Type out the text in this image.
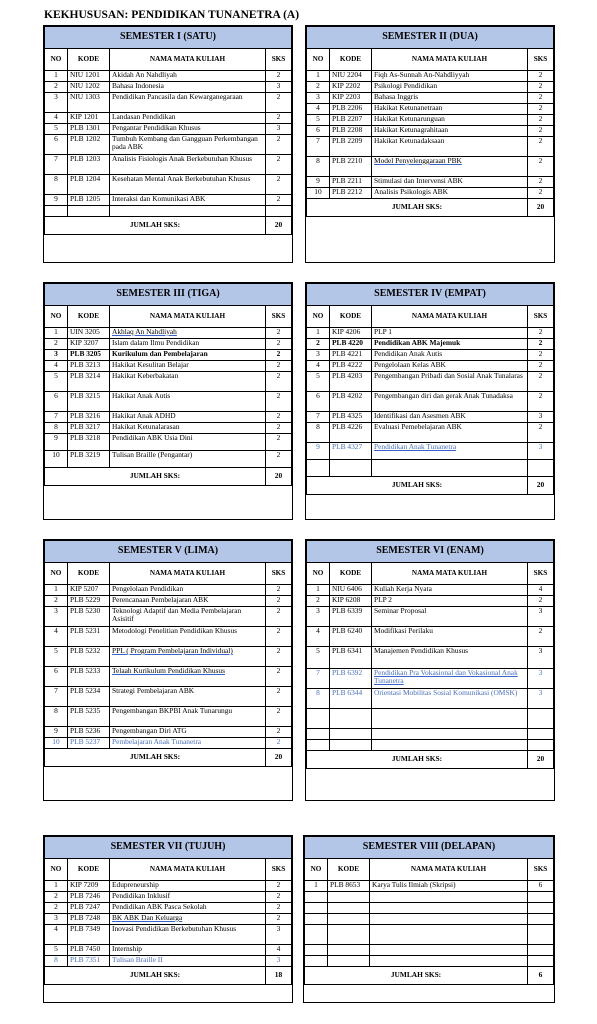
KEKHUSUSAN: PENDIDIKAN TUNANETRA (A)
SEMESTER I (SATU)			
NO	KODE	NAMA MATA KULIAH	SKS
1	NIU 1201	Akidah An Nahdliyah	2
2	NIU 1202	Bahasa Indonesia	3
3	NIU 1303	Pendidikan Pancasila dan Kewarganegaraan	2
4	KIP 1201	Landasan Pendidikan	2
5	PLB 1301	Pengantar Pendidikan Khusus	3
6	PLB 1202	Tumbuh Kembang dan Gangguan Perkembangan pada ABK	2
7	PLB 1203	Analisis Fisiologis Anak Berkebutuhan Khusus	2
8	PLB 1204	Kesehatan Mental Anak Berkebutuhan Khusus	2
9	PLB 1205	Interaksi dan Komunikasi ABK	2

JUMLAH SKS:			20
SEMESTER II (DUA)			
NO	KODE	NAMA MATA KULIAH	SKS
1	NIU 2204	Fiqh As-Sunnah An-Nahdliyyah	2
2	KIP 2202	Psikologi Pendidikan	2
3	KIP 2203	Bahasa Inggris	2
4	PLB 2206	Hakikat Ketunanetraan	2
5	PLB 2207	Hakikat Ketunarunguan	2
6	PLB 2208	Hakikat Ketunagrahitaan	2
7	PLB 2209	Hakikat Ketunadaksaan	2
8	PLB 2210	Model Penyelenggaraan PBK	2
9	PLB 2211	Stimulasi dan Intervensi ABK	2
10	PLB 2212	Analisis Psikologis ABK	2
JUMLAH SKS:			20
SEMESTER III (TIGA)			
NO	KODE	NAMA MATA KULIAH	SKS
1	UIN 3205	Akhlaq An Nahdliyah	2
2	KIP 3207	Islam dalam Ilmu Pendidikan	2
3	PLB 3205	Kurikulum dan Pembelajaran	2
4	PLB 3213	Hakikat Kesulitan Belajar	2
5	PLB 3214	Hakikat Keberbakatan	2
6	PLB 3215	Hakikat Anak Autis	2
7	PLB 3216	Hakikat Anak ADHD	2
8	PLB 3217	Hakikat Ketunalarasan	2
9	PLB 3218	Pendidikan ABK Usia Dini	2
10	PLB 3219	Tulisan Braille (Pengantar)	2
JUMLAH SKS:			20
SEMESTER IV (EMPAT)			
NO	KODE	NAMA MATA KULIAH	SKS
1	KIP 4206	PLP 1	2
2	PLB 4220	Pendidikan ABK Majemuk	2
3	PLB 4221	Pendidikan Anak Autis	2
4	PLB 4222	Pengelolaan Kelas ABK	2
5	PLB 4203	Pengembangan Pribadi dan Sosial Anak Tunalaras	2
6	PLB 4202	Pengembangan diri dan gerak Anak Tunadaksa	2
7	PLB 4325	Identifikasi dan Asesmen ABK	3
8	PLB 4226	Evaluasi Pemebelajaran ABK	2
9	PLB 4327	Pendidikan Anak Tunanetra	3

JUMLAH SKS:			20
SEMESTER V (LIMA)			
NO	KODE	NAMA MATA KULIAH	SKS
1	KIP 5207	Pengelolaan Pendidikan	2
2	PLB 5229	Perencanaan Pembelajaran ABK	2
3	PLB 5230	Teknologi Adaptif dan Media Pembelajaran Asisitif	2
4	PLB 5231	Metodologi Penelitian Pendidikan Khusus	2
5	PLB 5232	PPL ( Program Pembelajaran Individual)	2
6	PLB 5233	Telaah Kurikulum Pendidikan Khusus	2
7	PLB 5234	Strategi Pembelajaran ABK	2
8	PLB 5235	Pengembangan BKPBI Anak Tunarungu	2
9	PLB 5236	Pengembangan Diri ATG	2
10	PLB 5237	Pembelajaran Anak Tunanetra	2
JUMLAH SKS:			20
SEMESTER VI (ENAM)			
NO	KODE	NAMA MATA KULIAH	SKS
1	NIU 6406	Kuliah Kerja Nyata	4
2	KIP 6208	PLP 2	2
3	PLB 6339	Seminar Proposal	3
4	PLB 6240	Modifikasi Perilaku	2
5	PLB 6341	Manajemen Pendidikan Khusus	3
7	PLB 6392	Pendidikan Pra Vokasional dan Vokasional Anak Tunanetra	3
8	PLB 6344	Orientasi Mobilitas Sosial Komunikasi (OMSK)	3

JUMLAH SKS:			20
SEMESTER VII (TUJUH)			
NO	KODE	NAMA MATA KULIAH	SKS
1	KIP 7209	Edupreneurship	2
2	PLB 7246	Pendidikan Inklusif	2
2	PLB 7247	Pendidikan ABK Pasca Sekolah	2
3	PLB 7248	BK ABK Dan Keluarga	2
4	PLB 7349	Inovasi Pendidikan Berkebutuhan Khusus	3
5	PLB 7450	Internship	4
8	PLB 7351	Tulisan Braille II	3
JUMLAH SKS:			18
SEMESTER VIII (DELAPAN)			
NO	KODE	NAMA MATA KULIAH	SKS
1	PLB 8653	Karya Tulis Ilmiah (Skripsi)	6

JUMLAH SKS:			6
